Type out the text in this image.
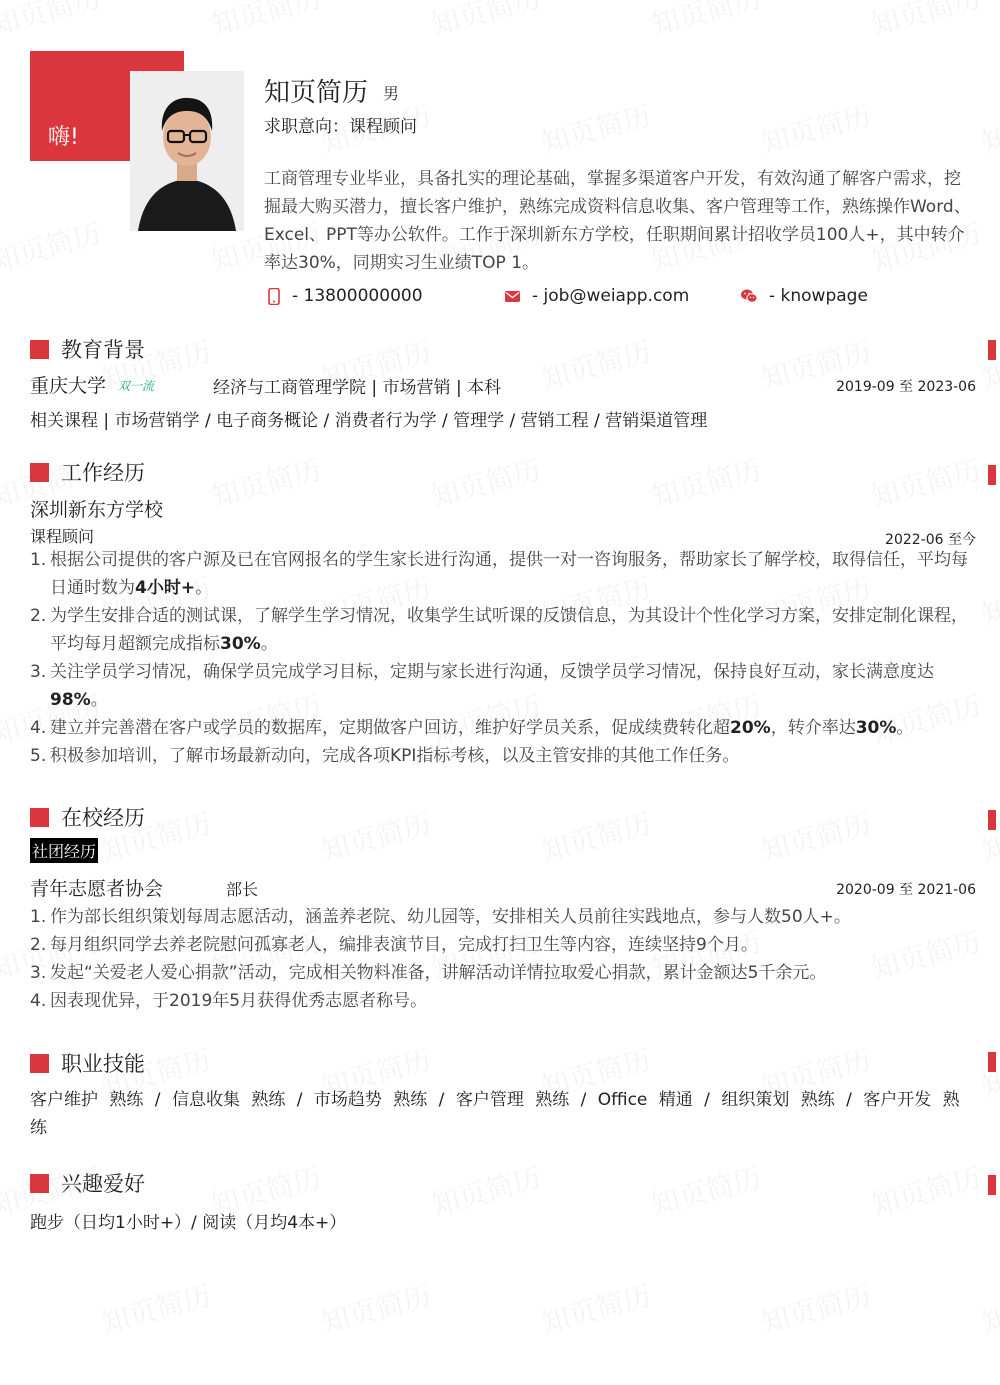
嗨!
知页简历 男
求职意向：课程顾问
工商管理专业毕业，具备扎实的理论基础，掌握多渠道客户开发，有效沟通了解客户需求，挖掘最大购买潜力，擅长客户维护，熟练完成资料信息收集、客户管理等工作，熟练操作Word、Excel、PPT等办公软件。工作于深圳新东方学校，任职期间累计招收学员100人+，其中转介率达30%，同期实习生业绩TOP 1。
- 13800000000	- job@weiapp.com	- knowpage
教育背景
重庆大学 双一流	经济与工商管理学院 | 市场营销 | 本科	2019-09 至 2023-06
相关课程 | 市场营销学 / 电子商务概论 / 消费者行为学 / 管理学 / 营销工程 / 营销渠道管理
工作经历
深圳新东方学校
课程顾问	2022-06 至今
1. 根据公司提供的客户源及已在官网报名的学生家长进行沟通，提供一对一咨询服务，帮助家长了解学校，取得信任，平均每日通时数为4小时+。
2. 为学生安排合适的测试课，了解学生学习情况，收集学生试听课的反馈信息，为其设计个性化学习方案，安排定制化课程，平均每月超额完成指标30%。
3. 关注学员学习情况，确保学员完成学习目标，定期与家长进行沟通，反馈学员学习情况，保持良好互动，家长满意度达98%。
4. 建立并完善潜在客户或学员的数据库，定期做客户回访，维护好学员关系，促成续费转化超20%，转介率达30%。
5. 积极参加培训，了解市场最新动向，完成各项KPI指标考核，以及主管安排的其他工作任务。
在校经历
社团经历
青年志愿者协会	部长	2020-09 至 2021-06
1. 作为部长组织策划每周志愿活动，涵盖养老院、幼儿园等，安排相关人员前往实践地点，参与人数50人+。
2. 每月组织同学去养老院慰问孤寡老人，编排表演节目，完成打扫卫生等内容，连续坚持9个月。
3. 发起“关爱老人爱心捐款”活动，完成相关物料准备，讲解活动详情拉取爱心捐款，累计金额达5千余元。
4. 因表现优异，于2019年5月获得优秀志愿者称号。
职业技能
客户维护 熟练 / 信息收集 熟练 / 市场趋势 熟练 / 客户管理 熟练 / Office 精通 / 组织策划 熟练 / 客户开发 熟练
兴趣爱好
跑步（日均1小时+）/ 阅读（月均4本+）
